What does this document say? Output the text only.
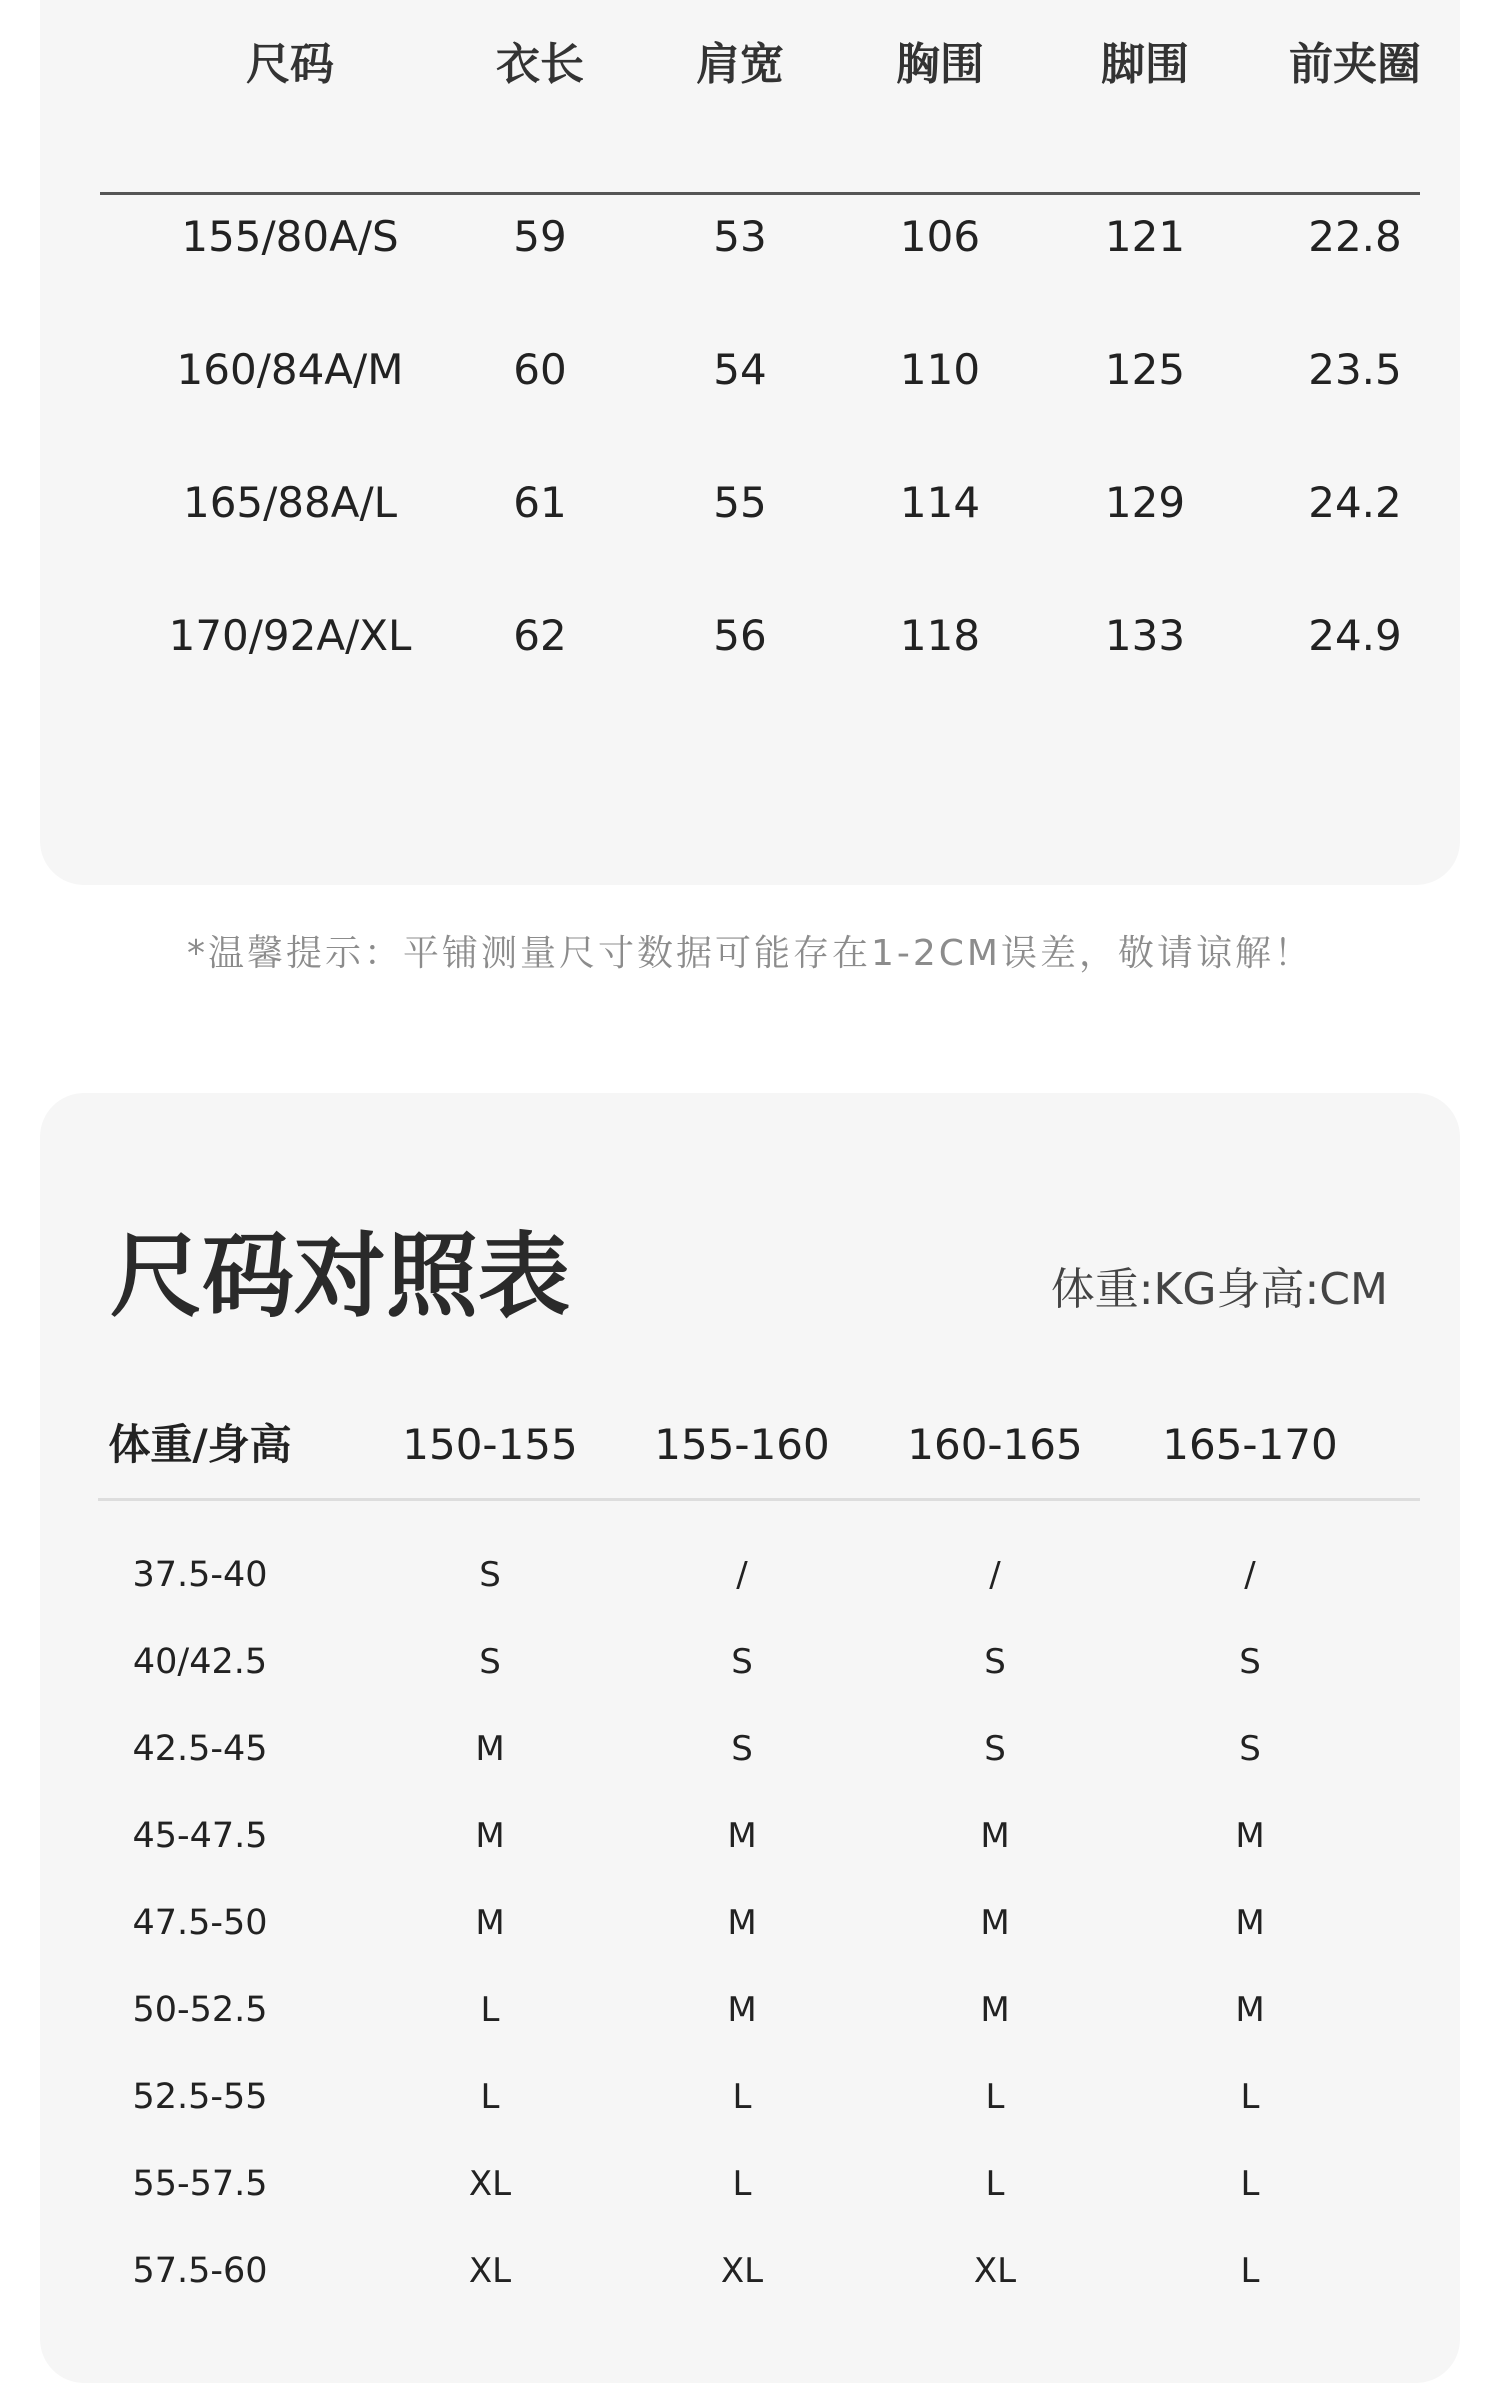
尺码	衣长	肩宽	胸围	脚围	前夹圈
155/80A/S	59	53	106	121	22.8
160/84A/M	60	54	110	125	23.5
165/88A/L	61	55	114	129	24.2
170/92A/XL	62	56	118	133	24.9
*温馨提示：平铺测量尺寸数据可能存在1-2CM误差，敬请谅解！
尺码对照表	体重:KG身高:CM
体重/身高	150-155 155-160 160-165 165-170
37.5-40	S	/	/	/
40/42.5	S	S	S	S
42.5-45	M	S	S	S
45-47.5	M	M	M	M
47.5-50	M	M	M	M
50-52.5	L	M	M	M
52.5-55	L	L	L	L
55-57.5	XL	L	L	L
57.5-60	XL	XL	XL	L
